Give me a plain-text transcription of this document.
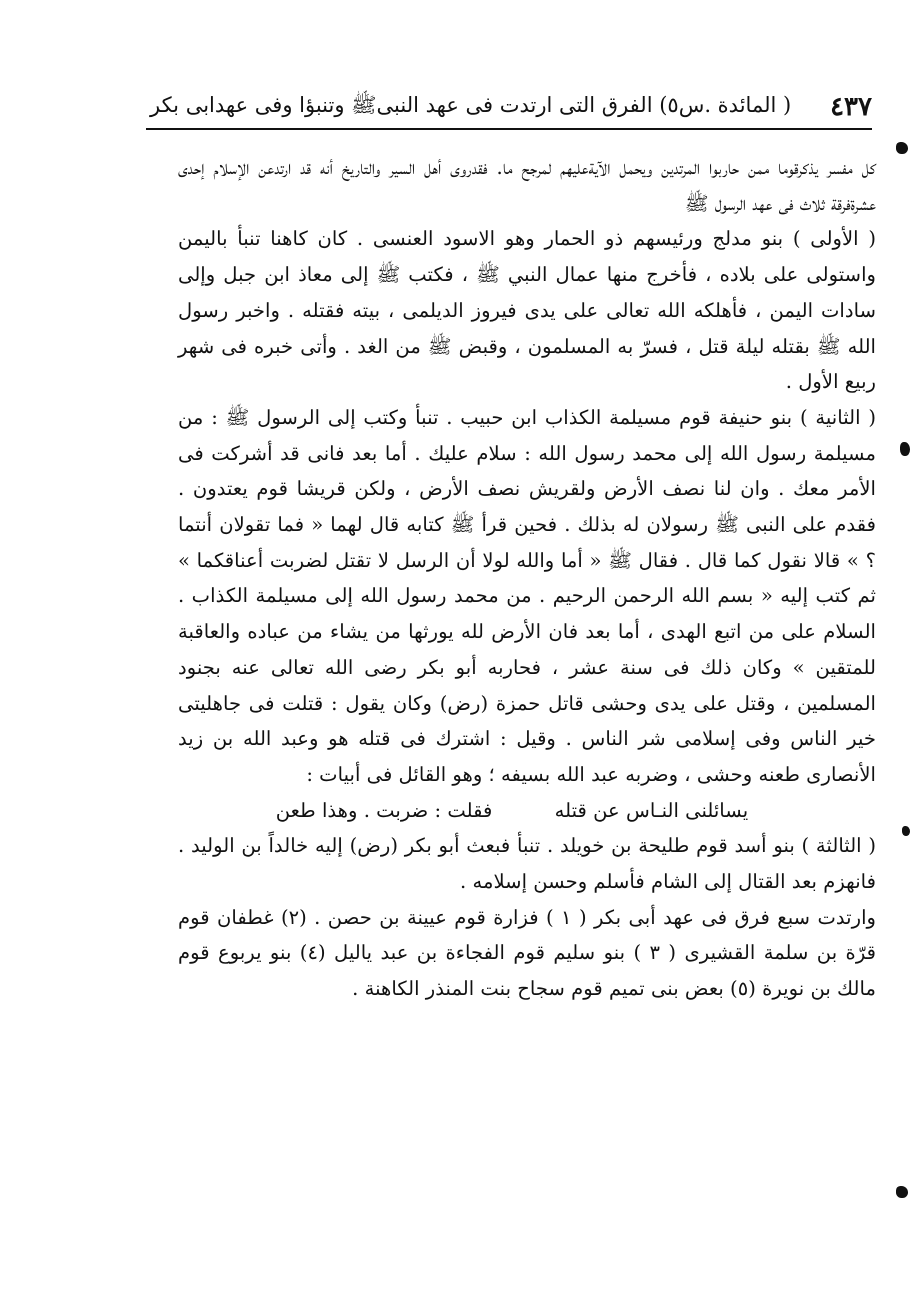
٤٣٧
( المائدة .س٥) الفرق التى ارتدت فى عهد النبىﷺ وتنبؤا وفى عهدابى بكر

كل مفسر يذكرقوما ممن حاربوا المرتدين ويحمل الآيةعليهم لمرجح ما. فقدروى أهل السير والتاريخ أنه قد ارتدعن الإسلام إحدى عشرةفرقة ثلاث فى عهد الرسول ﷺ

( الأولى ) بنو مدلج ورئيسهم ذو الحمار وهو الاسود العنسى . كان كاهنا تنبأ باليمن واستولى على بلاده ، فأخرج منها عمال النبي ﷺ ، فكتب ﷺ إلى معاذ ابن جبل وإلى سادات اليمن ، فأهلكه الله تعالى على يدى فيروز الديلمى ، بيته فقتله . واخبر رسول الله ﷺ بقتله ليلة قتل ، فسرّ به المسلمون ، وقبض ﷺ من الغد . وأتى خبره فى شهر ربيع الأول .

( الثانية ) بنو حنيفة قوم مسيلمة الكذاب ابن حبيب . تنبأ وكتب إلى الرسول ﷺ : من مسيلمة رسول الله إلى محمد رسول الله : سلام عليك . أما بعد فانى قد أشركت فى الأمر معك . وان لنا نصف الأرض ولقريش نصف الأرض ، ولكن قريشا قوم يعتدون . فقدم على النبى ﷺ رسولان له بذلك . فحين قرأ ﷺ كتابه قال لهما « فما تقولان أنتما ؟ » قالا نقول كما قال . فقال ﷺ « أما والله لولا أن الرسل لا تقتل لضربت أعناقكما » ثم كتب إليه « بسم الله الرحمن الرحيم . من محمد رسول الله إلى مسيلمة الكذاب . السلام على من اتبع الهدى ، أما بعد فان الأرض لله يورثها من يشاء من عباده والعاقبة للمتقين » وكان ذلك فى سنة عشر ، فحاربه أبو بكر رضى الله تعالى عنه بجنود المسلمين ، وقتل على يدى وحشى قاتل حمزة (رض) وكان يقول : قتلت فى جاهليتى خير الناس وفى إسلامى شر الناس . وقيل : اشترك فى قتله هو وعبد الله بن زيد الأنصارى طعنه وحشى ، وضربه عبد الله بسيفه ؛ وهو القائل فى أبيات :

يسائلنى النـاس عن قتله فقلت : ضربت . وهذا طعن

( الثالثة ) بنو أسد قوم طليحة بن خويلد . تنبأ فبعث أبو بكر (رض) إليه خالداً بن الوليد . فانهزم بعد القتال إلى الشام فأسلم وحسن إسلامه .

وارتدت سبع فرق فى عهد أبى بكر ( ١ ) فزارة قوم عيينة بن حصن . (٢) غطفان قوم قرّة بن سلمة القشيرى ( ٣ ) بنو سليم قوم الفجاءة بن عبد ياليل (٤) بنو يربوع قوم مالك بن نويرة (٥) بعض بنى تميم قوم سجاح بنت المنذر الكاهنة .
